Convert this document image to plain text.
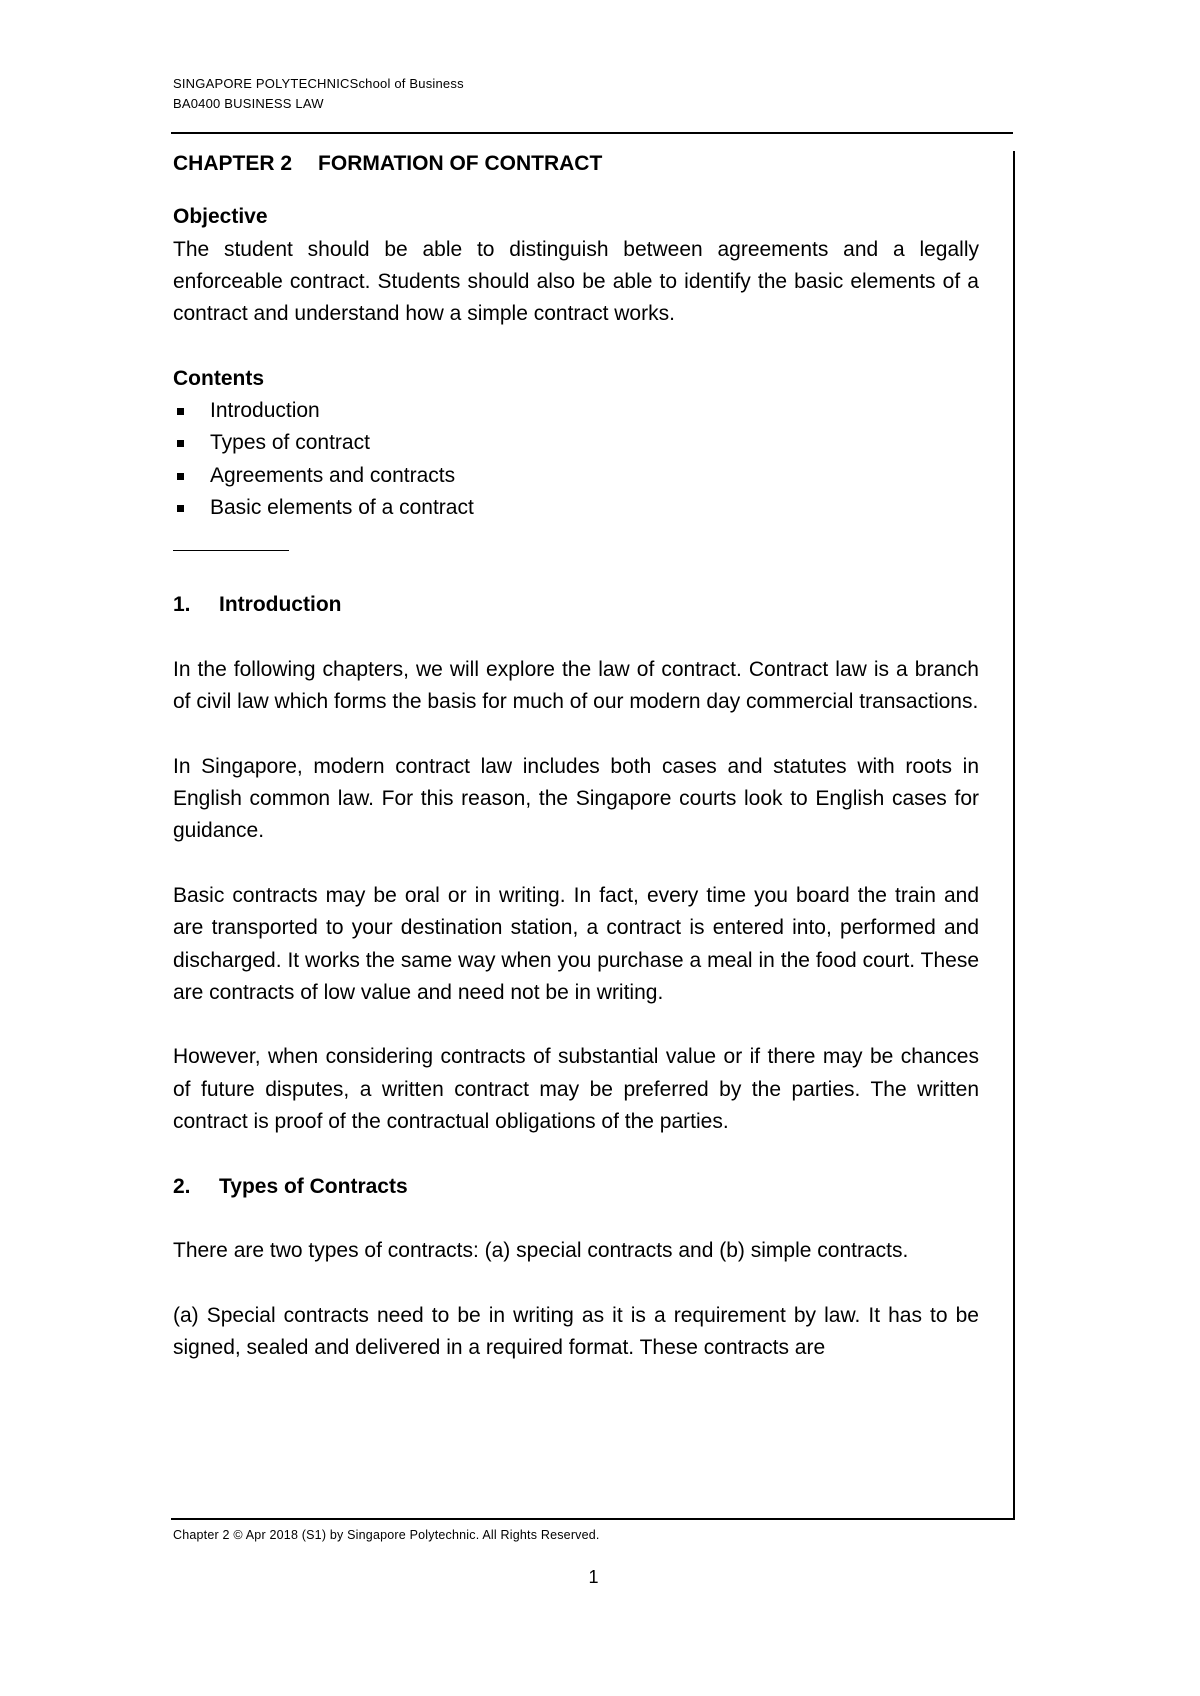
SINGAPORE POLYTECHNICSchool of Business
BA0400 BUSINESS LAW
CHAPTER 2 FORMATION OF CONTRACT

Objective

The student should be able to distinguish between agreements and a legally enforceable contract. Students should also be able to identify the basic elements of a contract and understand how a simple contract works.

Contents

Introduction
Types of contract
Agreements and contracts
Basic elements of a contract
1. Introduction

In the following chapters, we will explore the law of contract. Contract law is a branch of civil law which forms the basis for much of our modern day commercial transactions.

In Singapore, modern contract law includes both cases and statutes with roots in English common law. For this reason, the Singapore courts look to English cases for guidance.

Basic contracts may be oral or in writing. In fact, every time you board the train and are transported to your destination station, a contract is entered into, performed and discharged. It works the same way when you purchase a meal in the food court. These are contracts of low value and need not be in writing.

However, when considering contracts of substantial value or if there may be chances of future disputes, a written contract may be preferred by the parties. The written contract is proof of the contractual obligations of the parties.

2. Types of Contracts

There are two types of contracts: (a) special contracts and (b) simple contracts.

(a) Special contracts need to be in writing as it is a requirement by law. It has to be signed, sealed and delivered in a required format. These contracts are

Chapter 2 © Apr 2018 (S1) by Singapore Polytechnic. All Rights Reserved.
1
